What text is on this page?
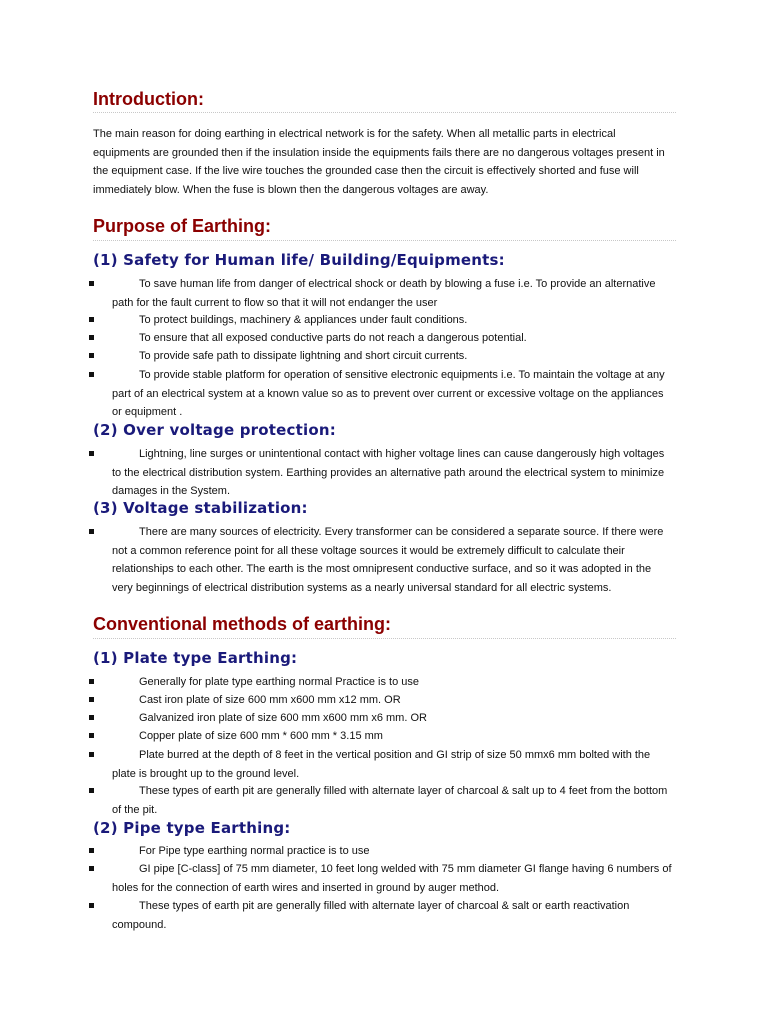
Introduction:

The main reason for doing earthing in electrical network is for the safety. When all metallic parts in electrical equipments are grounded then if the insulation inside the equipments fails there are no dangerous voltages present in the equipment case. If the live wire touches the grounded case then the circuit is effectively shorted and fuse will immediately blow. When the fuse is blown then the dangerous voltages are away.

Purpose of Earthing:
(1) Safety for Human life/ Building/Equipments:
To save human life from danger of electrical shock or death by blowing a fuse i.e. To provide an alternative path for the fault current to flow so that it will not endanger the user
To protect buildings, machinery & appliances under fault conditions.
To ensure that all exposed conductive parts do not reach a dangerous potential.
To provide safe path to dissipate lightning and short circuit currents.
To provide stable platform for operation of sensitive electronic equipments i.e. To maintain the voltage at any part of an electrical system at a known value so as to prevent over current or excessive voltage on the appliances or equipment .
(2) Over voltage protection:
Lightning, line surges or unintentional contact with higher voltage lines can cause dangerously high voltages to the electrical distribution system. Earthing provides an alternative path around the electrical system to minimize damages in the System.
(3) Voltage stabilization:
There are many sources of electricity. Every transformer can be considered a separate source. If there were not a common reference point for all these voltage sources it would be extremely difficult to calculate their relationships to each other. The earth is the most omnipresent conductive surface, and so it was adopted in the very beginnings of electrical distribution systems as a nearly universal standard for all electric systems.
Conventional methods of earthing:
(1) Plate type Earthing:
Generally for plate type earthing normal Practice is to use
Cast iron plate of size 600 mm x600 mm x12 mm. OR
Galvanized iron plate of size 600 mm x600 mm x6 mm. OR
Copper plate of size 600 mm * 600 mm * 3.15 mm
Plate burred at the depth of 8 feet in the vertical position and GI strip of size 50 mmx6 mm bolted with the plate is brought up to the ground level.
These types of earth pit are generally filled with alternate layer of charcoal & salt up to 4 feet from the bottom of the pit.
(2) Pipe type Earthing:
For Pipe type earthing normal practice is to use
GI pipe [C-class] of 75 mm diameter, 10 feet long welded with 75 mm diameter GI flange having 6 numbers of holes for the connection of earth wires and inserted in ground by auger method.
These types of earth pit are generally filled with alternate layer of charcoal & salt or earth reactivation compound.
